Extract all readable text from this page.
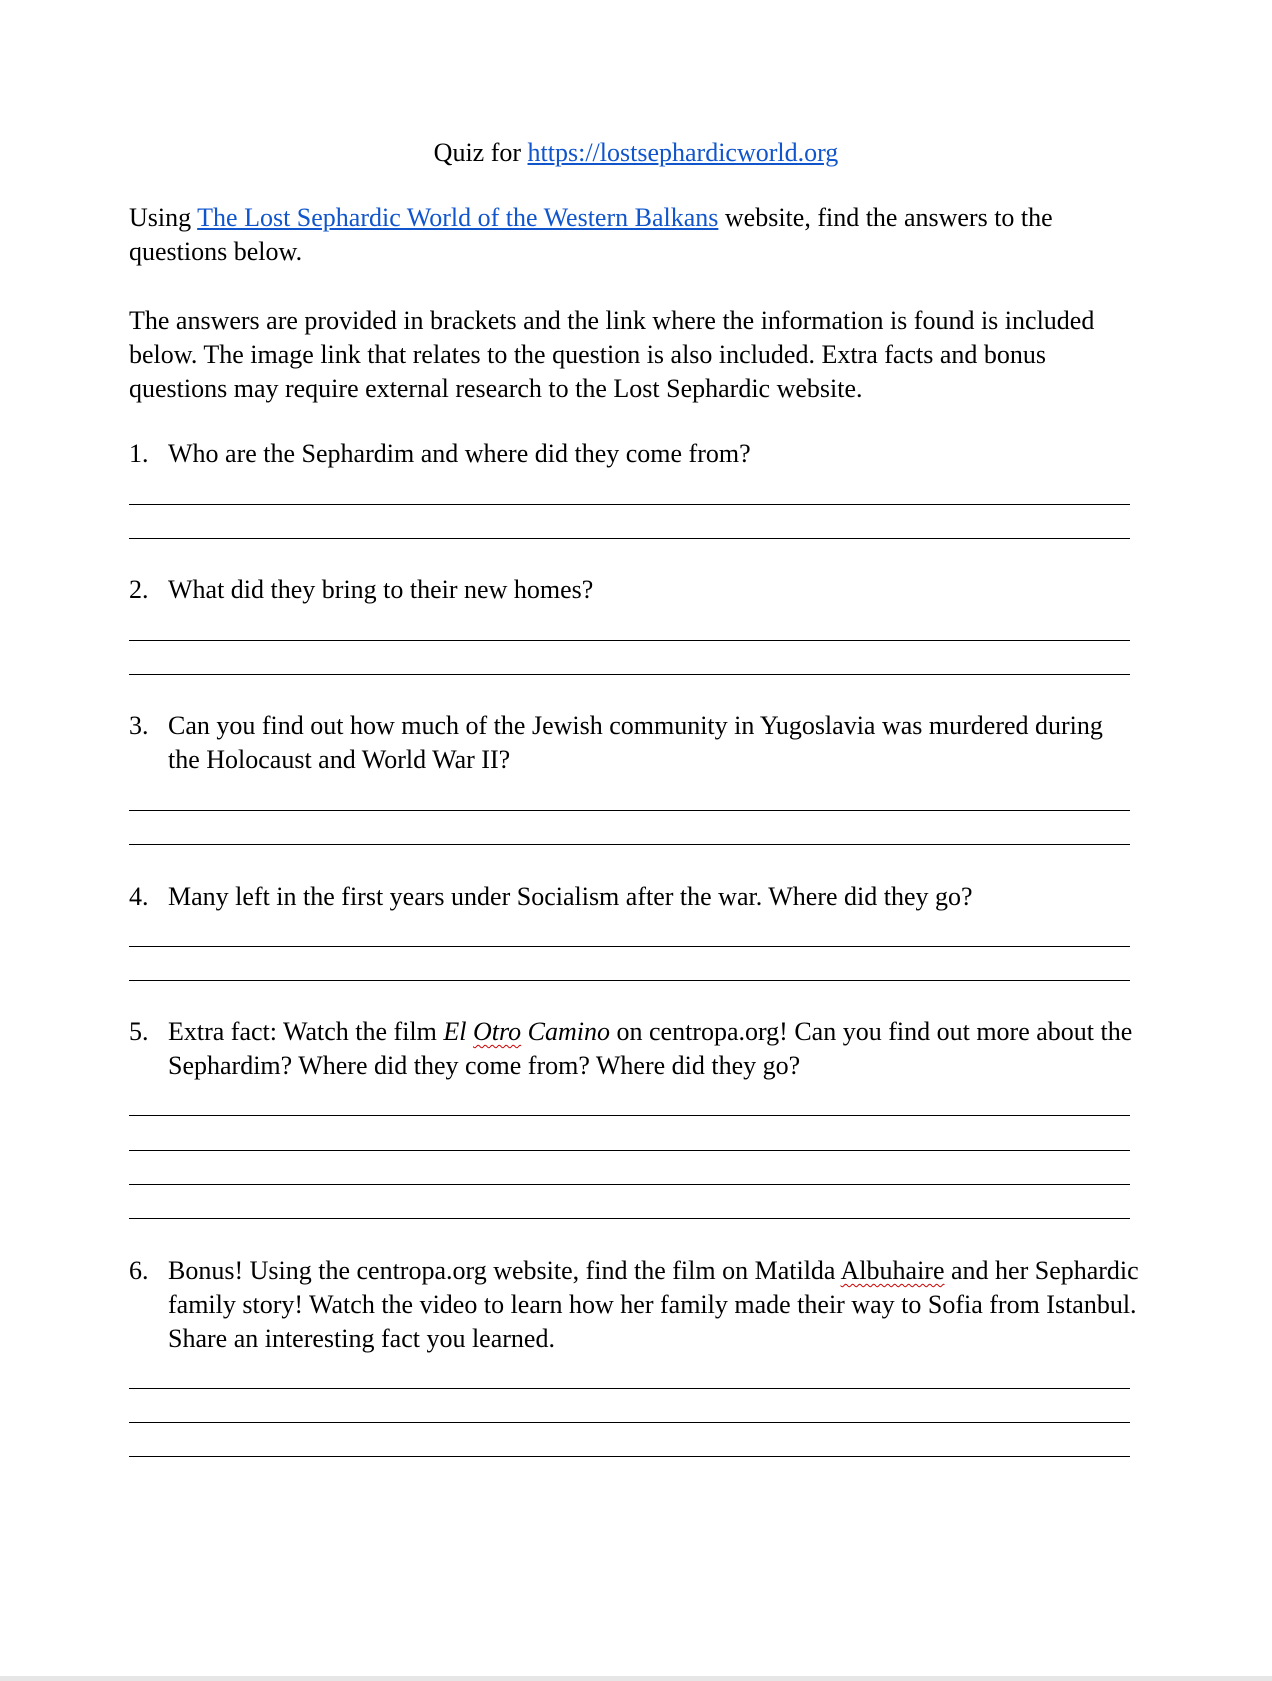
Quiz for https://lostsephardicworld.org
Using The Lost Sephardic World of the Western Balkans website, find the answers to the questions below.
The answers are provided in brackets and the link where the information is found is included below. The image link that relates to the question is also included. Extra facts and bonus questions may require external research to the Lost Sephardic website.
1. Who are the Sephardim and where did they come from?
2. What did they bring to their new homes?
3. Can you find out how much of the Jewish community in Yugoslavia was murdered during the Holocaust and World War II?
4. Many left in the first years under Socialism after the war. Where did they go?
5. Extra fact: Watch the film El Otro Camino on centropa.org! Can you find out more about the Sephardim? Where did they come from? Where did they go?
6. Bonus! Using the centropa.org website, find the film on Matilda Albuhaire and her Sephardic family story! Watch the video to learn how her family made their way to Sofia from Istanbul. Share an interesting fact you learned.
